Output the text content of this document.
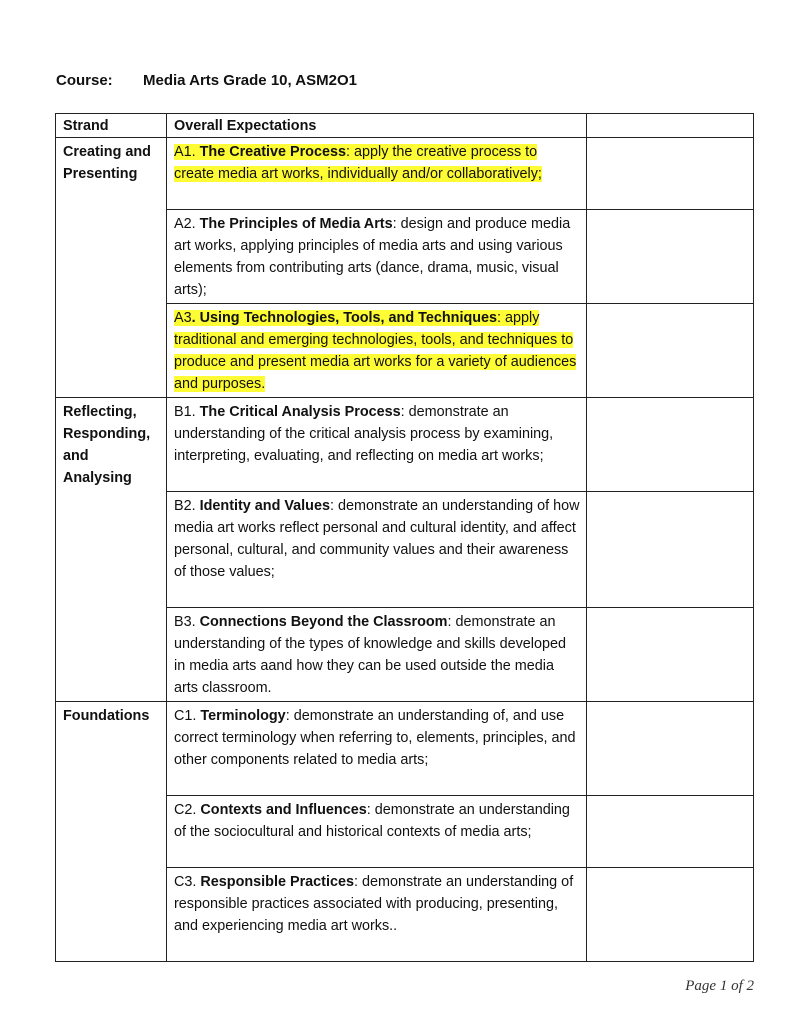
Course: Media Arts Grade 10, ASM2O1
Strand	Overall Expectations	
Creating and Presenting	A1. The Creative Process: apply the creative process to create media art works, individually and/or collaboratively;	
	A2. The Principles of Media Arts: design and produce media art works, applying principles of media arts and using various elements from contributing arts (dance, drama, music, visual arts);	
	A3. Using Technologies, Tools, and Techniques: apply traditional and emerging technologies, tools, and techniques to produce and present media art works for a variety of audiences and purposes.	
Reflecting, Responding, and Analysing	B1. The Critical Analysis Process: demonstrate an understanding of the critical analysis process by examining, interpreting, evaluating, and reflecting on media art works;	
	B2. Identity and Values: demonstrate an understanding of how media art works reflect personal and cultural identity, and affect personal, cultural, and community values and their awareness of those values;	
	B3. Connections Beyond the Classroom: demonstrate an understanding of the types of knowledge and skills developed in media arts aand how they can be used outside the media arts classroom.	
Foundations	C1. Terminology: demonstrate an understanding of, and use correct terminology when referring to, elements, principles, and other components related to media arts;	
	C2. Contexts and Influences: demonstrate an understanding of the sociocultural and historical contexts of media arts;	
	C3. Responsible Practices: demonstrate an understanding of responsible practices associated with producing, presenting, and experiencing media art works..	
Page 1 of 2
